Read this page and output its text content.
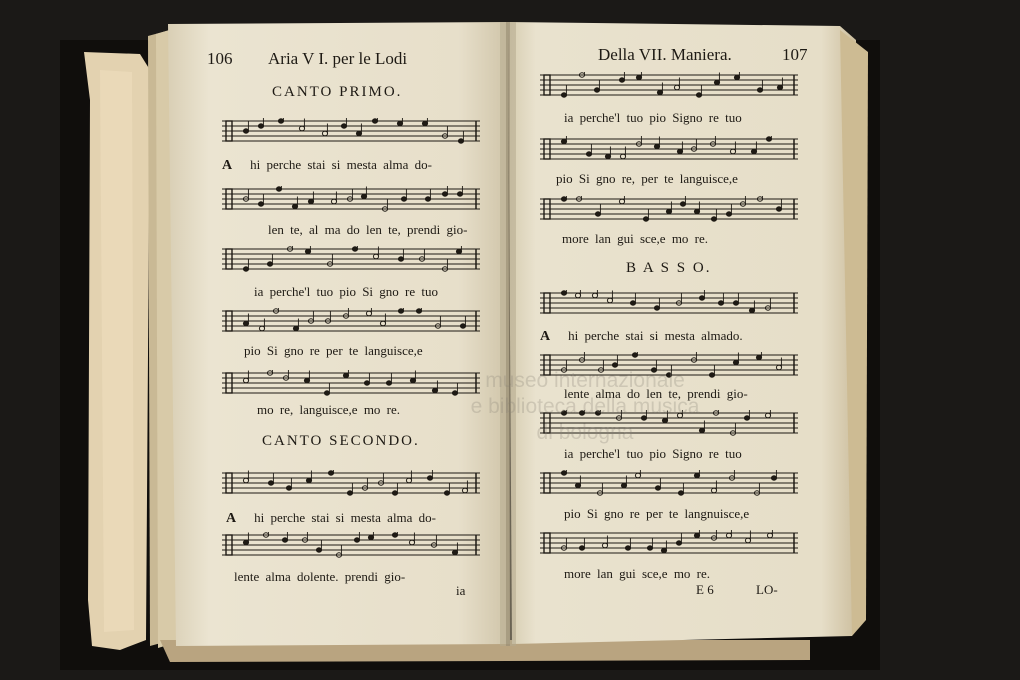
106 Aria V I. per le Lodi
CANTO PRIMO.
A hi perche stai si mesta alma do-
len te, al ma do len te, prendi gio-
ia perche'l tuo pio Si gno re tuo
pio Si gno re per te languisce,e
mo re, languisce,e mo re.
CANTO SECONDO.
A hi perche stai si mesta alma do-
lente alma dolente. prendi gio-
ia
Della VII. Maniera.	107
ia perche'l tuo pio Signo re tuo
pio Si gno re, per te languisce,e
more lan gui sce,e mo re.
B A S S O.
A hi perche stai si mesta almado.
lente alma do len te, prendi gio-
ia perche'l tuo pio Signo re tuo
pio Si gno re per te langnuisce,e
more lan gui sce,e mo re.
E 6	LO-
museo internazionale
e biblioteca della musica
di bologna
